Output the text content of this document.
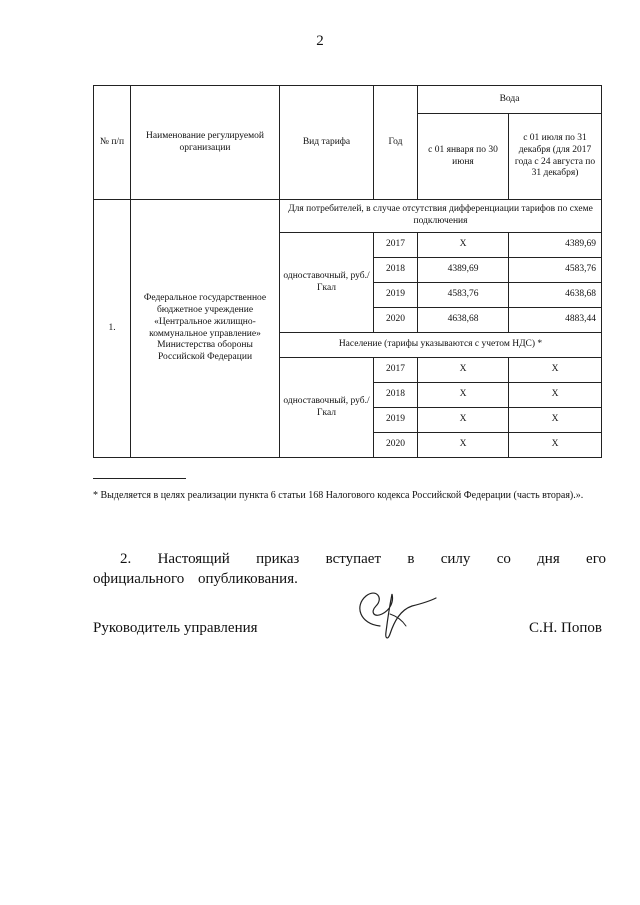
2
№ п/п	Наименование регулируемой организации	Вид тарифа	Год	Вода	
				с 01 января по 30 июня	с 01 июля по 31 декабря (для 2017 года с 24 августа по 31 декабря)
1.	Федеральное государственное бюджетное учреждение «Центральное жилищно-коммунальное управление» Министерства обороны Российской Федерации	Для потребителей, в случае отсутствия дифференциации тарифов по схеме подключения			
		одноставочный, руб./Гкал	2017	Х	4389,69
			2018	4389,69	4583,76
			2019	4583,76	4638,68
			2020	4638,68	4883,44
		Население (тарифы указываются с учетом НДС) *			
		одноставочный, руб./Гкал	2017	Х	Х
			2018	Х	Х
			2019	Х	Х
			2020	Х	Х
* Выделяется в целях реализации пункта 6 статьи 168 Налогового кодекса Российской Федерации (часть вторая).».
2. Настоящий приказ вступает в силу со дня его официального опубликования.
Руководитель управления	С.Н. Попов
